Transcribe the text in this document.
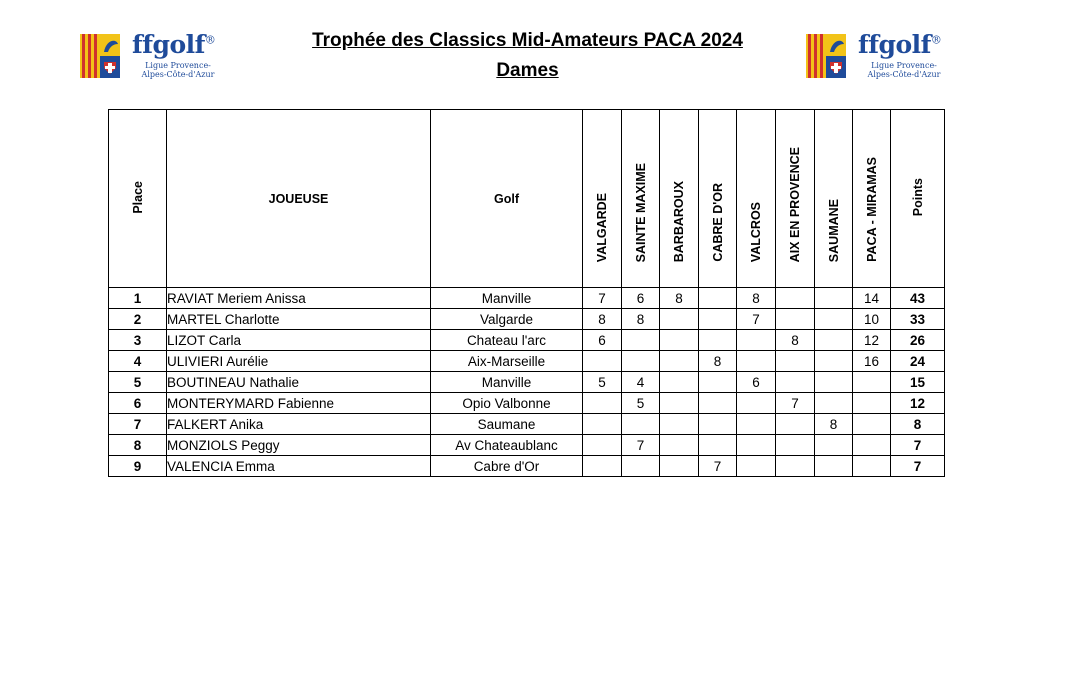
ffgolf®
Ligue Provence-Alpes-Côte-d'Azur
ffgolf®
Ligue Provence-Alpes-Côte-d'Azur
Trophée des Classics Mid-Amateurs PACA 2024
Dames
Place	JOUEUSE	Golf	VALGARDE	SAINTE MAXIME	BARBAROUX	CABRE D'OR	VALCROS	AIX EN PROVENCE	SAUMANE	PACA - MIRAMAS	Points
1	RAVIAT Meriem Anissa	Manville	7	6	8		8			14	43
2	MARTEL Charlotte	Valgarde	8	8			7			10	33
3	LIZOT Carla	Chateau l'arc	6					8		12	26
4	ULIVIERI Aurélie	Aix-Marseille				8				16	24
5	BOUTINEAU Nathalie	Manville	5	4			6				15
6	MONTERYMARD Fabienne	Opio Valbonne		5				7			12
7	FALKERT Anika	Saumane							8		8
8	MONZIOLS Peggy	Av Chateaublanc		7							7
9	VALENCIA Emma	Cabre d'Or				7					7
